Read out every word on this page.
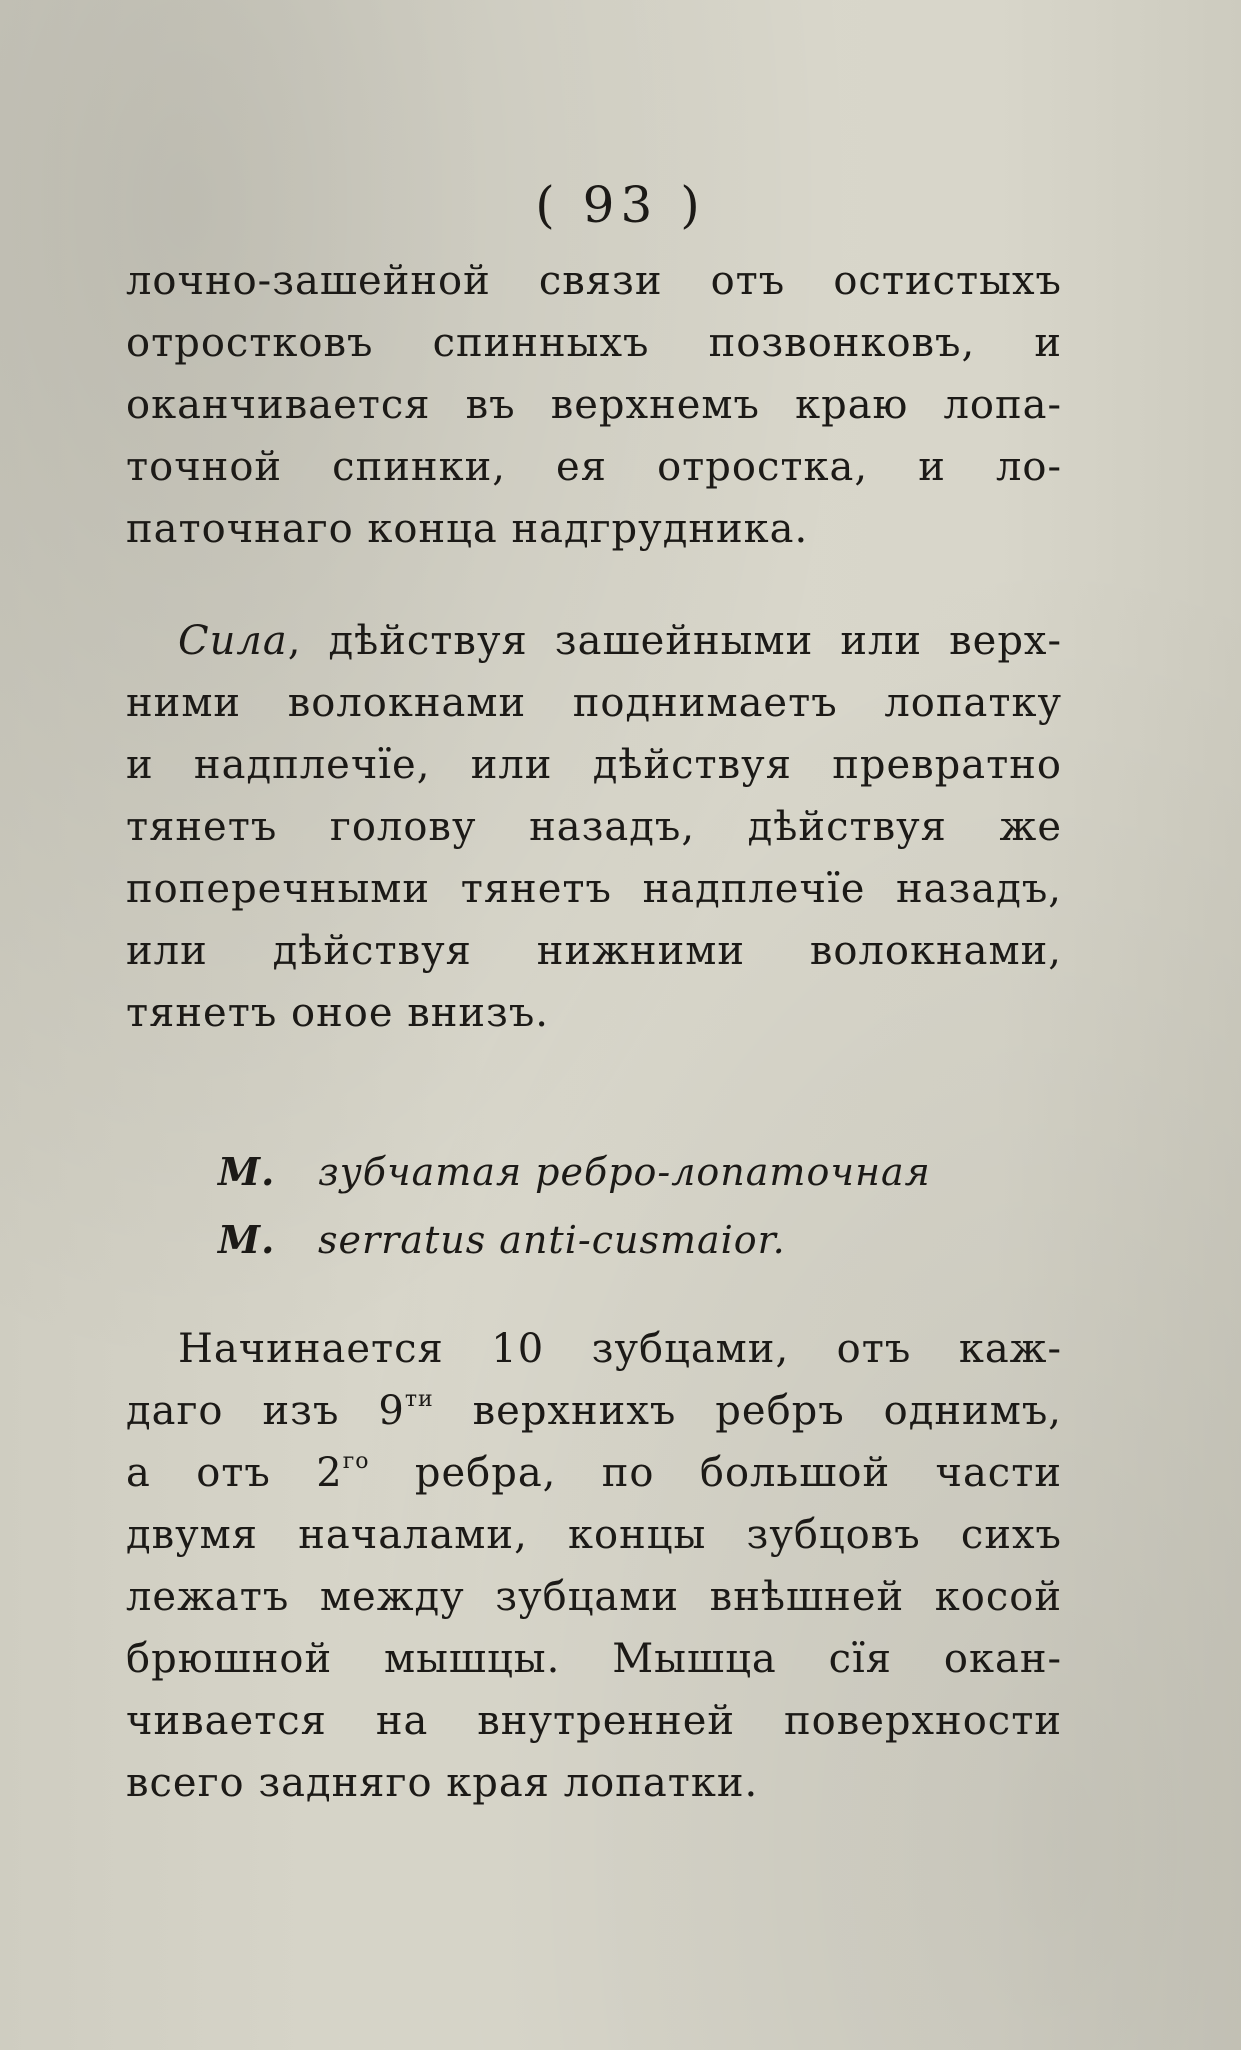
( 93 )
лочно-зашейной связи отъ остистыхъ
отростковъ спинныхъ позвонковъ, и
оканчивается въ верхнемъ краю лопа-
точной спинки, ея отростка, и ло-
паточнаго конца надгрудника.
Сила, дѣйствуя зашейными или верх-
ними волокнами поднимаетъ лопатку
и надплечїе, или дѣйствуя превратно
тянетъ голову назадъ, дѣйствуя же
поперечными тянетъ надплечїе назадъ,
или дѣйствуя нижними волокнами,
тянетъ оное внизъ.
М. зубчатая ребро-лопаточная
M. serratus anti-cusmaior.
Начинается 10 зубцами, отъ каж-
даго изъ $9^{ти}$ верхнихъ ребръ однимъ,
а отъ $2^{го}$ ребра, по большой части
двумя началами, концы зубцовъ сихъ
лежатъ между зубцами внѣшней косой
брюшной мышцы. Мышца сїя окан-
чивается на внутренней поверхности
всего задняго края лопатки.
